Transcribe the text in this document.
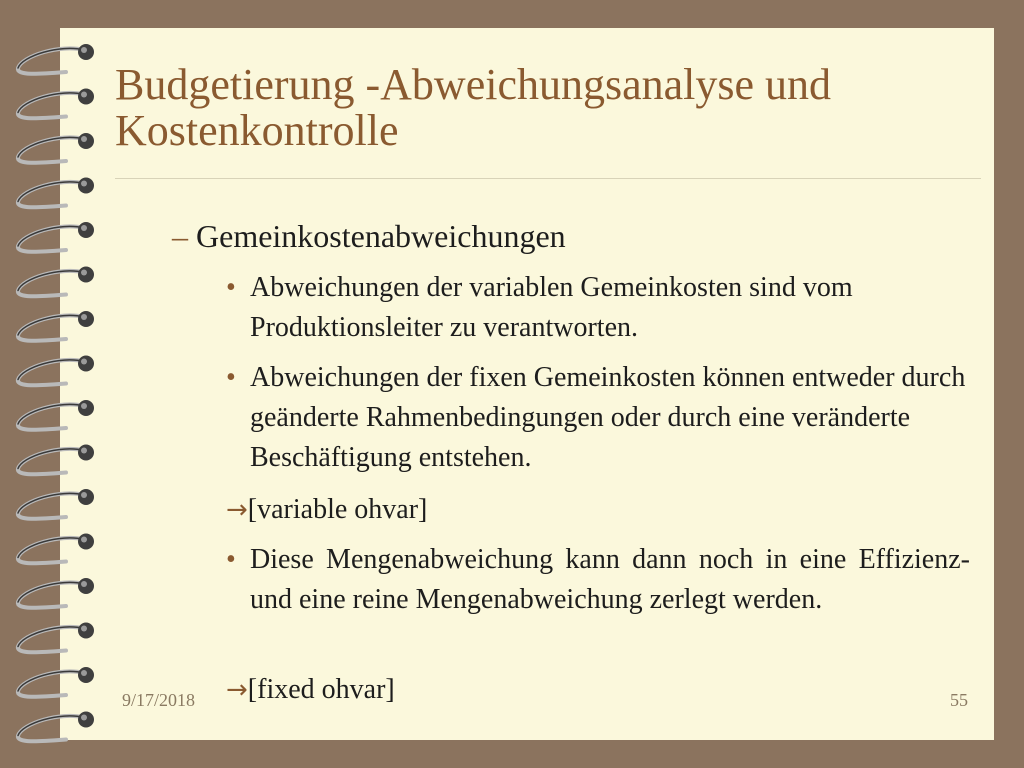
Budgetierung -Abweichungsanalyse und Kostenkontrolle
– Gemeinkostenabweichungen
• Abweichungen der variablen Gemeinkosten sind vom Produktionsleiter zu verantworten.
• Abweichungen der fixen Gemeinkosten können entweder durch geänderte Rahmenbedingungen oder durch eine veränderte Beschäftigung entstehen.
→[variable ohvar]
• Diese Mengenabweichung kann dann noch in eine Effizienz- und eine reine Mengenabweichung zerlegt werden.
→[fixed ohvar]
9/17/2018	55
